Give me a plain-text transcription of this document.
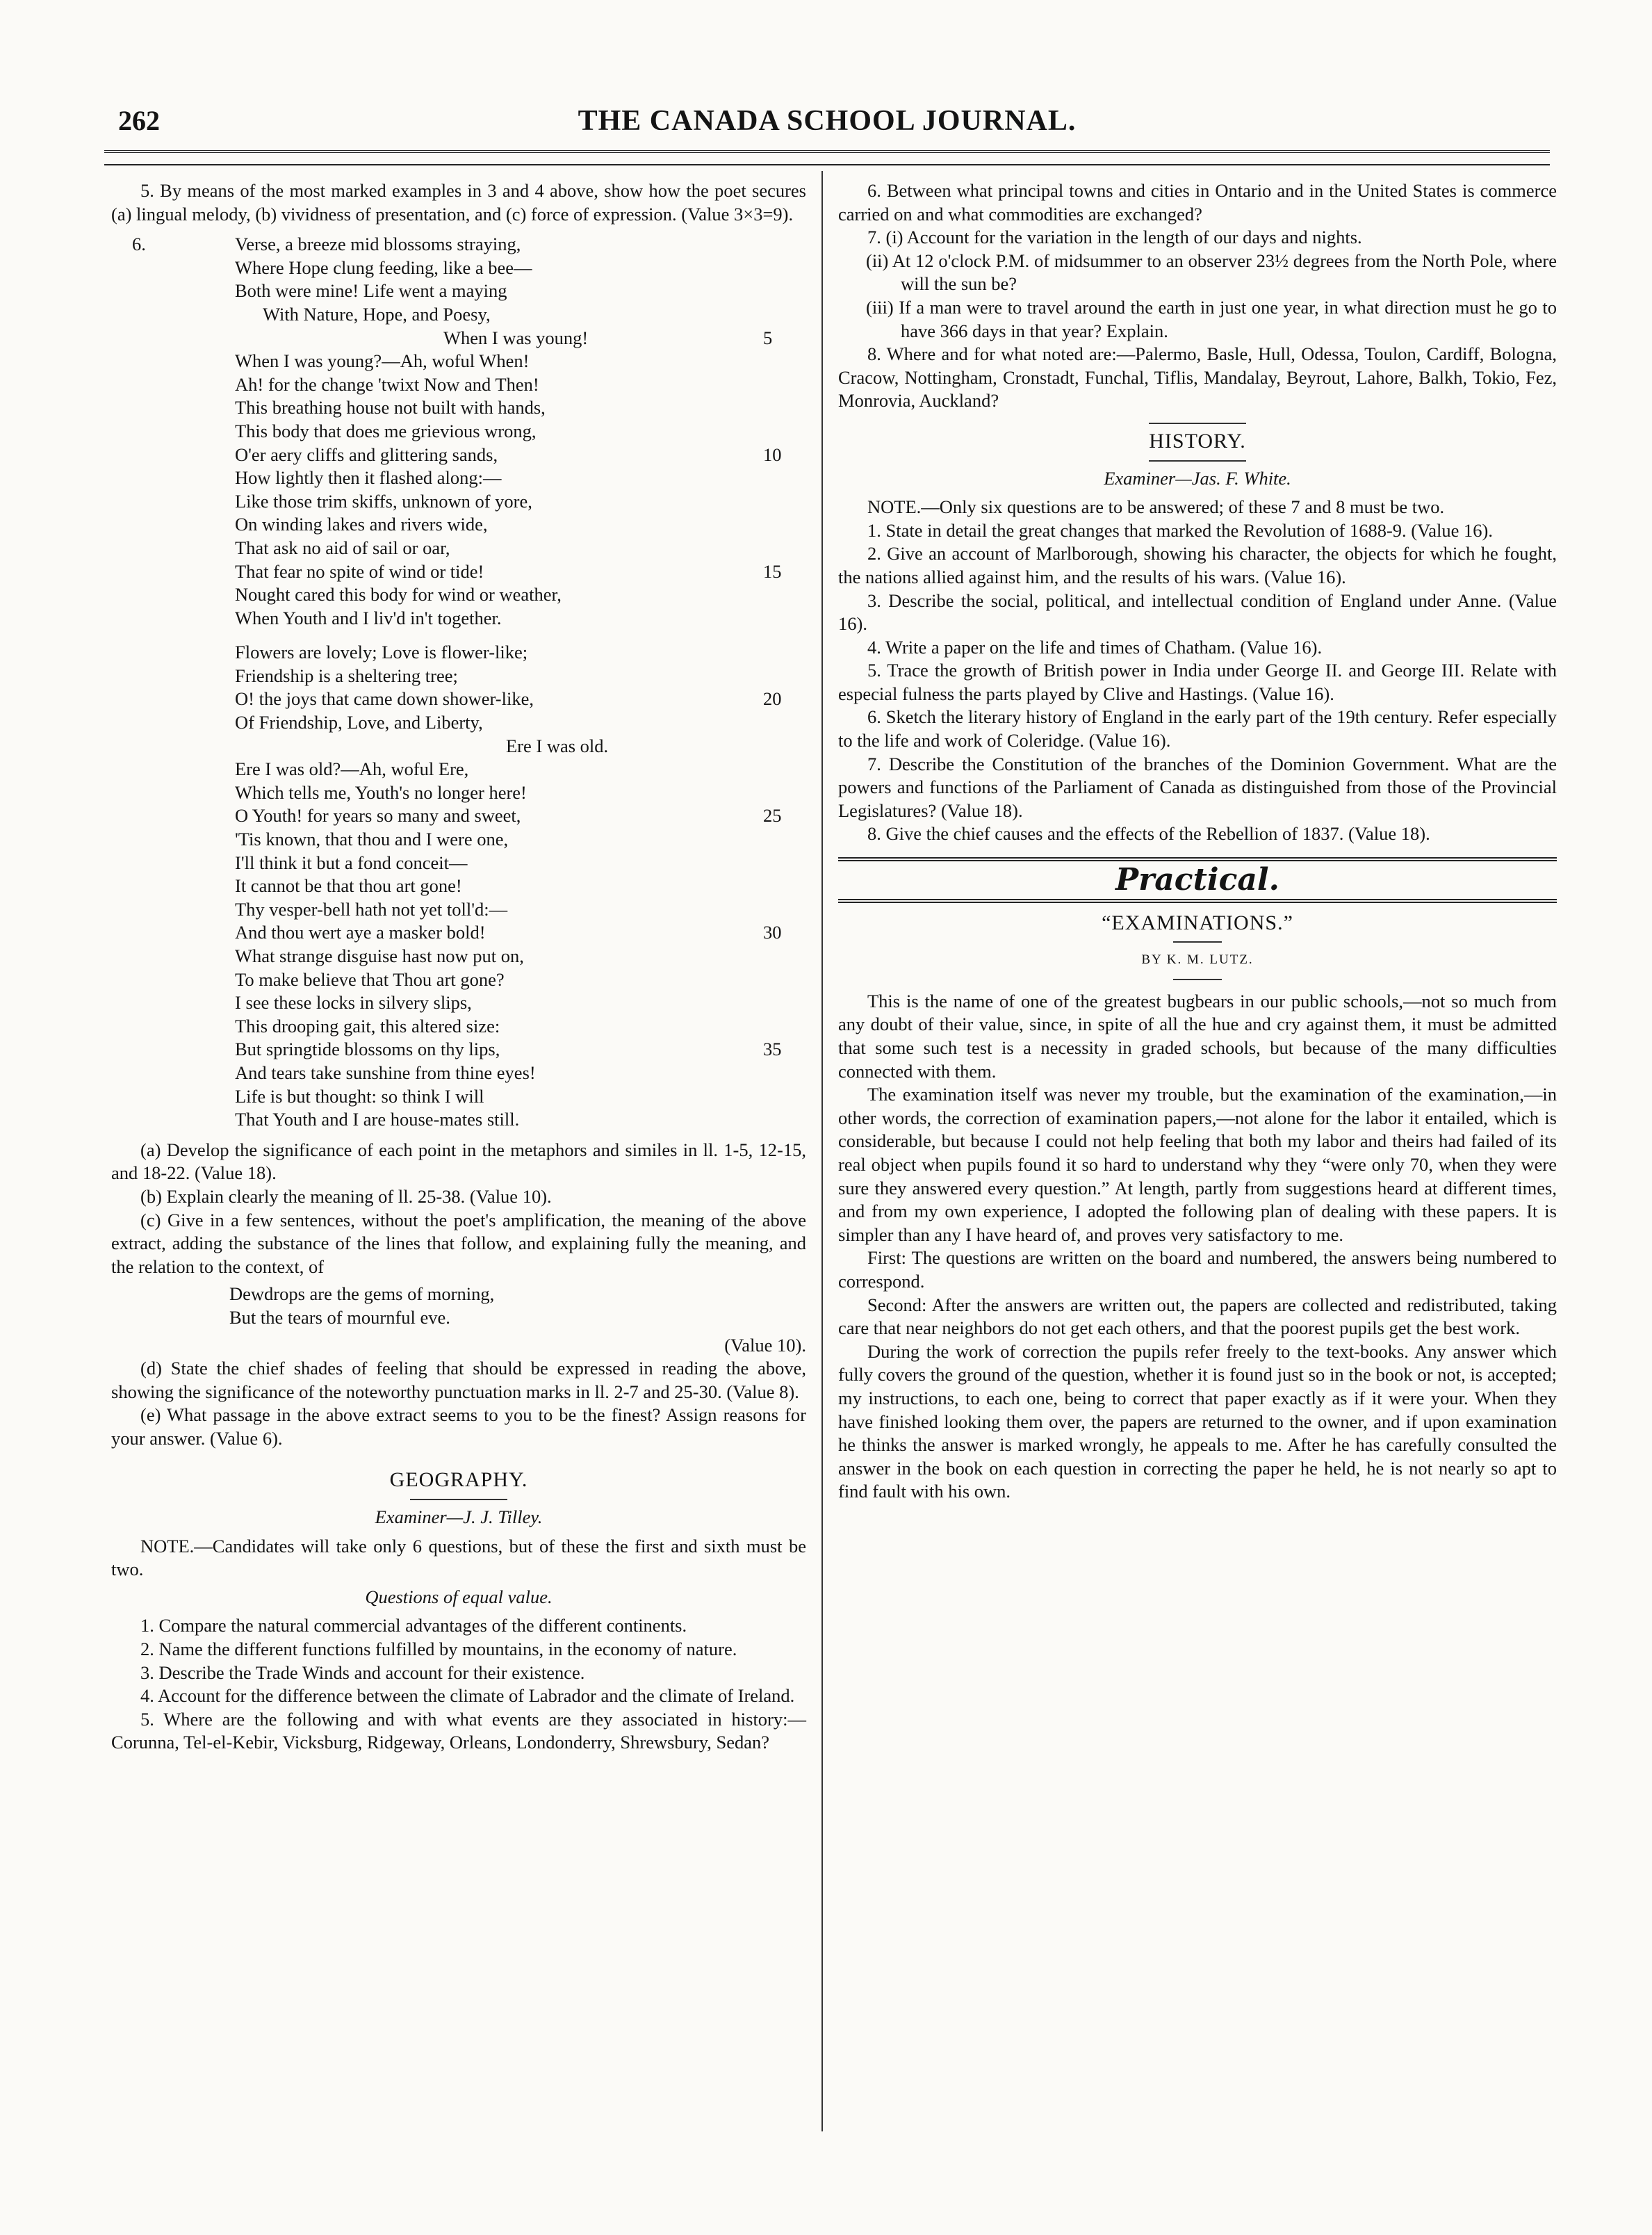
262	THE CANADA SCHOOL JOURNAL.

5. By means of the most marked examples in 3 and 4 above, show how the poet secures (a) lingual melody, (b) vividness of presentation, and (c) force of expression. (Value 3×3=9).

6.	Verse, a breeze mid blossoms straying,
Where Hope clung feeding, like a bee—
Both were mine! Life went a maying
With Nature, Hope, and Poesy,
When I was young!	5
When I was young?—Ah, woful When!
Ah! for the change 'twixt Now and Then!
This breathing house not built with hands,
This body that does me grievious wrong,
O'er aery cliffs and glittering sands,	10
How lightly then it flashed along:—
Like those trim skiffs, unknown of yore,
On winding lakes and rivers wide,
That ask no aid of sail or oar,
That fear no spite of wind or tide!	15
Nought cared this body for wind or weather,
When Youth and I liv'd in't together.
Flowers are lovely; Love is flower-like;
Friendship is a sheltering tree;
O! the joys that came down shower-like,	20
Of Friendship, Love, and Liberty,
Ere I was old.
Ere I was old?—Ah, woful Ere,
Which tells me, Youth's no longer here!
O Youth! for years so many and sweet,	25
'Tis known, that thou and I were one,
I'll think it but a fond conceit—
It cannot be that thou art gone!
Thy vesper-bell hath not yet toll'd:—
And thou wert aye a masker bold!	30
What strange disguise hast now put on,
To make believe that Thou art gone?
I see these locks in silvery slips,
This drooping gait, this altered size:
But springtide blossoms on thy lips,	35
And tears take sunshine from thine eyes!
Life is but thought: so think I will
That Youth and I are house-mates still.

(a) Develop the significance of each point in the metaphors and similes in ll. 1-5, 12-15, and 18-22. (Value 18).

(b) Explain clearly the meaning of ll. 25-38. (Value 10).

(c) Give in a few sentences, without the poet's amplification, the meaning of the above extract, adding the substance of the lines that follow, and explaining fully the meaning, and the relation to the context, of

Dewdrops are the gems of morning,
But the tears of mournful eve.
(Value 10).

(d) State the chief shades of feeling that should be expressed in reading the above, showing the significance of the noteworthy punctuation marks in ll. 2-7 and 25-30. (Value 8).

(e) What passage in the above extract seems to you to be the finest? Assign reasons for your answer. (Value 6).

GEOGRAPHY.
Examiner—J. J. Tilley.

NOTE.—Candidates will take only 6 questions, but of these the first and sixth must be two.

Questions of equal value.

1. Compare the natural commercial advantages of the different continents.

2. Name the different functions fulfilled by mountains, in the economy of nature.

3. Describe the Trade Winds and account for their existence.

4. Account for the difference between the climate of Labrador and the climate of Ireland.

5. Where are the following and with what events are they associated in history:—Corunna, Tel-el-Kebir, Vicksburg, Ridgeway, Orleans, Londonderry, Shrewsbury, Sedan?

6. Between what principal towns and cities in Ontario and in the United States is commerce carried on and what commodities are exchanged?

7. (i) Account for the variation in the length of our days and nights.

(ii) At 12 o'clock P.M. of midsummer to an observer 23½ degrees from the North Pole, where will the sun be?

(iii) If a man were to travel around the earth in just one year, in what direction must he go to have 366 days in that year? Explain.

8. Where and for what noted are:—Palermo, Basle, Hull, Odessa, Toulon, Cardiff, Bologna, Cracow, Nottingham, Cronstadt, Funchal, Tiflis, Mandalay, Beyrout, Lahore, Balkh, Tokio, Fez, Monrovia, Auckland?

HISTORY.
Examiner—Jas. F. White.

NOTE.—Only six questions are to be answered; of these 7 and 8 must be two.

1. State in detail the great changes that marked the Revolution of 1688-9. (Value 16).

2. Give an account of Marlborough, showing his character, the objects for which he fought, the nations allied against him, and the results of his wars. (Value 16).

3. Describe the social, political, and intellectual condition of England under Anne. (Value 16).

4. Write a paper on the life and times of Chatham. (Value 16).

5. Trace the growth of British power in India under George II. and George III. Relate with especial fulness the parts played by Clive and Hastings. (Value 16).

6. Sketch the literary history of England in the early part of the 19th century. Refer especially to the life and work of Coleridge. (Value 16).

7. Describe the Constitution of the branches of the Dominion Government. What are the powers and functions of the Parliament of Canada as distinguished from those of the Provincial Legislatures? (Value 18).

8. Give the chief causes and the effects of the Rebellion of 1837. (Value 18).

Practical.
“EXAMINATIONS.”
BY K. M. LUTZ.

This is the name of one of the greatest bugbears in our public schools,—not so much from any doubt of their value, since, in spite of all the hue and cry against them, it must be admitted that some such test is a necessity in graded schools, but because of the many difficulties connected with them.

The examination itself was never my trouble, but the examination of the examination,—in other words, the correction of examination papers,—not alone for the labor it entailed, which is considerable, but because I could not help feeling that both my labor and theirs had failed of its real object when pupils found it so hard to understand why they “were only 70, when they were sure they answered every question.” At length, partly from suggestions heard at different times, and from my own experience, I adopted the following plan of dealing with these papers. It is simpler than any I have heard of, and proves very satisfactory to me.

First: The questions are written on the board and numbered, the answers being numbered to correspond.

Second: After the answers are written out, the papers are collected and redistributed, taking care that near neighbors do not get each others, and that the poorest pupils get the best work.

During the work of correction the pupils refer freely to the text-books. Any answer which fully covers the ground of the question, whether it is found just so in the book or not, is accepted; my instructions, to each one, being to correct that paper exactly as if it were your. When they have finished looking them over, the papers are returned to the owner, and if upon examination he thinks the answer is marked wrongly, he appeals to me. After he has carefully consulted the answer in the book on each question in correcting the paper he held, he is not nearly so apt to find fault with his own.
